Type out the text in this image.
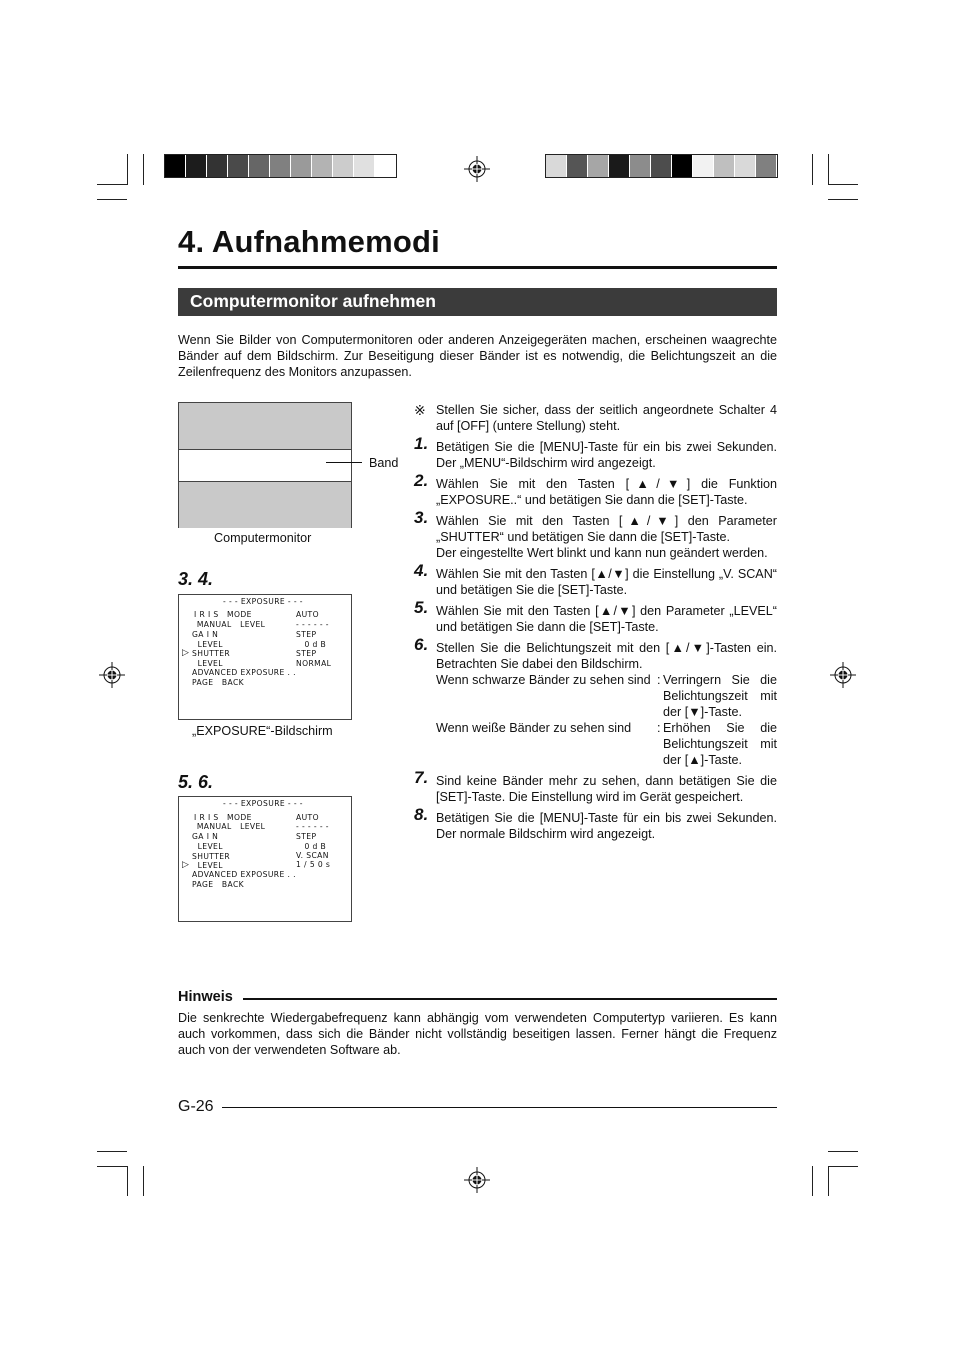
4. Aufnahmemodi
Computermonitor aufnehmen
Wenn Sie Bilder von Computermonitoren oder anderen Anzeigegeräten machen, erscheinen waagrechte Bänder auf dem Bildschirm. Zur Beseitigung dieser Bänder ist es notwendig, die Belichtungszeit an die Zeilenfrequenz des Monitors anzupassen.
Band
Computermonitor
3. 4.
- - - EXPOSURE - - -
I R I S   MODE	AUTO
MANUAL   LEVEL	- - - - - -
GA I N	STEP
LEVEL	0 d B
▷ SHUTTER	STEP
LEVEL	NORMAL
ADVANCED EXPOSURE . .
PAGE   BACK
„EXPOSURE“-Bildschirm
5. 6.
- - - EXPOSURE - - -
I R I S   MODE	AUTO
MANUAL   LEVEL	- - - - - -
GA I N	STEP
LEVEL	0 d B
SHUTTER	V. SCAN
▷ LEVEL	1 / 5 0 s
ADVANCED EXPOSURE . .
PAGE   BACK
※ Stellen Sie sicher, dass der seitlich angeordnete Schalter 4 auf [OFF] (untere Stellung) steht.
1. Betätigen Sie die [MENU]-Taste für ein bis zwei Sekunden. Der „MENU“-Bildschirm wird angezeigt.
2. Wählen Sie mit den Tasten [▲/▼] die Funktion „EXPOSURE..“ und betätigen Sie dann die [SET]-Taste.
3. Wählen Sie mit den Tasten [▲/▼] den Parameter „SHUTTER“ und betätigen Sie dann die [SET]-Taste.
Der eingestellte Wert blinkt und kann nun geändert werden.
4. Wählen Sie mit den Tasten [▲/▼] die Einstellung „V. SCAN“ und betätigen Sie die [SET]-Taste.
5. Wählen Sie mit den Tasten [▲/▼] den Parameter „LEVEL“ und betätigen Sie dann die [SET]-Taste.
6. Stellen Sie die Belichtungszeit mit den [▲/▼]-Tasten ein. Betrachten Sie dabei den Bildschirm.
Wenn schwarze Bänder zu sehen sind : Verringern Sie die
Belichtungszeit mit
der [▼]-Taste.
Wenn weiße Bänder zu sehen sind	: Erhöhen Sie die
Belichtungszeit mit
der [▲]-Taste.
7. Sind keine Bänder mehr zu sehen, dann betätigen Sie die [SET]-Taste. Die Einstellung wird im Gerät gespeichert.
8. Betätigen Sie die [MENU]-Taste für ein bis zwei Sekunden. Der normale Bildschirm wird angezeigt.
Hinweis
Die senkrechte Wiedergabefrequenz kann abhängig vom verwendeten Computertyp variieren. Es kann auch vorkommen, dass sich die Bänder nicht vollständig beseitigen lassen. Ferner hängt die Frequenz auch von der verwendeten Software ab.
G-26
